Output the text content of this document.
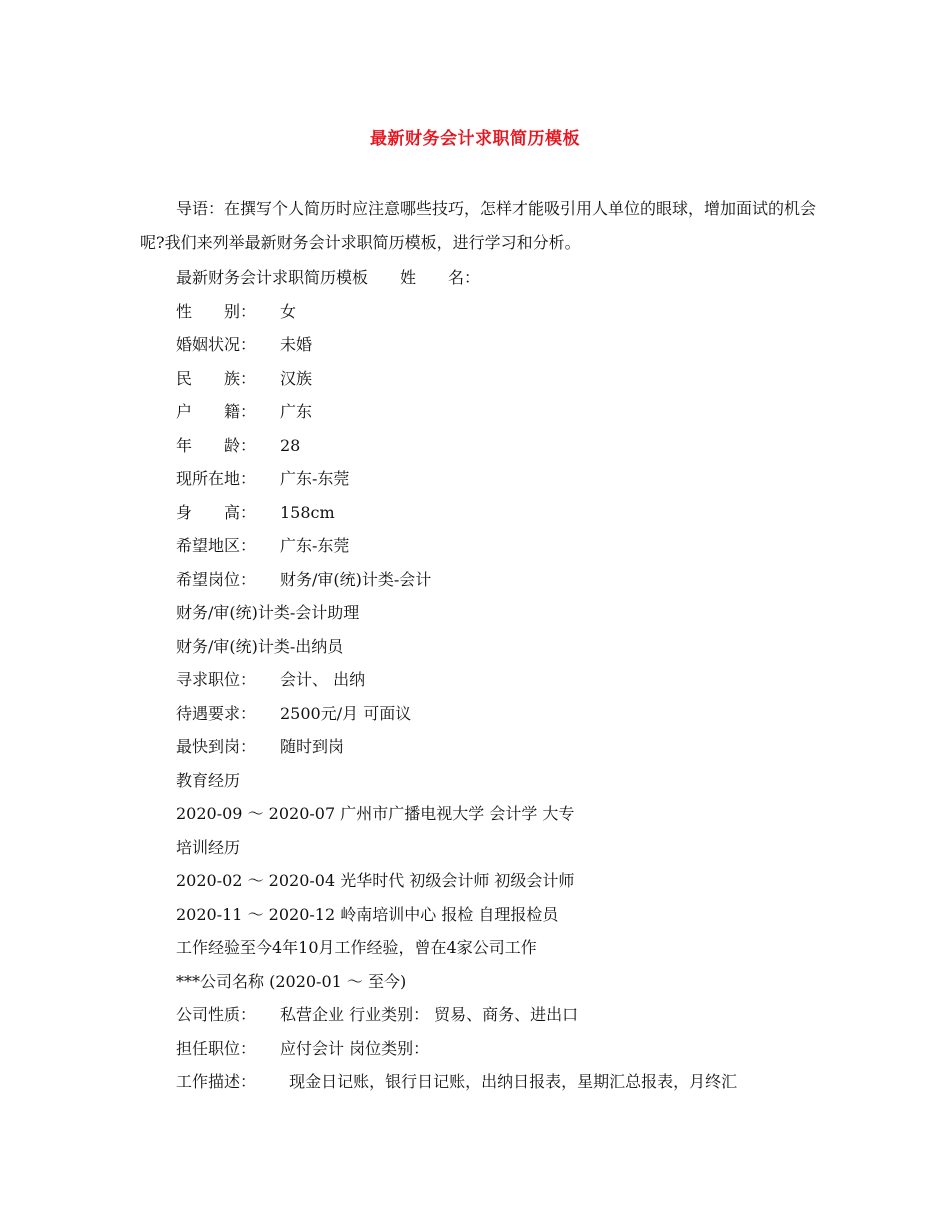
最新财务会计求职简历模板

导语：在撰写个人简历时应注意哪些技巧，怎样才能吸引用人单位的眼球，增加面试的机会呢?我们来列举最新财务会计求职简历模板，进行学习和分析。

最新财务会计求职简历模板　　姓　　名：
性　　别： 女
婚姻状况： 未婚
民　　族： 汉族
户　　籍： 广东
年　　龄： 28
现所在地： 广东-东莞
身　　高： 158cm
希望地区： 广东-东莞
希望岗位： 财务/审(统)计类-会计
财务/审(统)计类-会计助理
财务/审(统)计类-出纳员
寻求职位： 会计、 出纳
待遇要求： 2500元/月 可面议
最快到岗： 随时到岗
教育经历
2020-09 ～ 2020-07 广州市广播电视大学 会计学 大专
培训经历
2020-02 ～ 2020-04 光华时代 初级会计师 初级会计师
2020-11 ～ 2020-12 岭南培训中心 报检 自理报检员
工作经验至今4年10月工作经验，曾在4家公司工作
***公司名称 (2020-01 ～ 至今)
公司性质： 私营企业 行业类别： 贸易、商务、进出口
担任职位： 应付会计 岗位类别：
工作描述： 现金日记账，银行日记账，出纳日报表，星期汇总报表，月终汇
